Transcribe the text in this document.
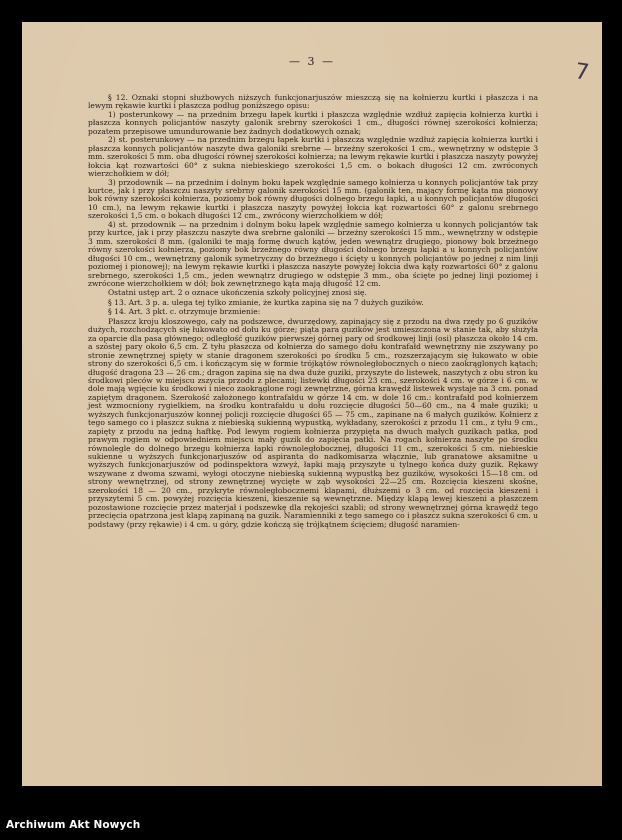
— 3 —	7

§ 12. Oznaki stopni służbowych niższych funkcjonarjuszów mieszczą się na kołnierzu kurtki i płaszcza i na lewym rękawie kurtki i płaszcza podług poniższego opisu:

1) posterunkowy — na przednim brzegu łapek kurtki i płaszcza względnie wzdłuż zapięcia kołnierza kurtki i płaszcza konnych policjantów naszyty galonik srebrny szerokości 1 cm., długości równej szerokości kołnierza; pozatem przepisowe umundurowanie bez żadnych dodatkowych oznak;

2) st. posterunkowy — na przednim brzegu łapek kurtki i płaszcza względnie wzdłuż zapięcia kołnierza kurtki i płaszcza konnych policjantów naszyte dwa galoniki srebrne — brzeżny szerokości 1 cm., wewnętrzny w odstępie 3 mm. szerokości 5 mm. oba długości równej szerokości kołnierza; na lewym rękawie kurtki i płaszcza naszyty powyżej łokcia kąt rozwartości 60° z sukna niebieskiego szerokości 1,5 cm. o bokach długości 12 cm. zwróconych wierzchołkiem w dół;

3) przodownik — na przednim i dolnym boku łapek względnie samego kołnierza u konnych policjantów tak przy kurtce, jak i przy płaszczu naszyty srebrny galonik szerokości 15 mm. (galonik ten, mający formę kąta ma pionowy bok równy szerokości kołnierza, poziomy bok równy długości dolnego brzegu łapki, a u konnych policjantów długości 10 cm.), na lewym rękawie kurtki i płaszcza naszyty powyżej łokcia kąt rozwartości 60° z galonu srebrnego szerokości 1,5 cm. o bokach długości 12 cm., zwrócony wierzchołkiem w dół;

4) st. przodownik — na przednim i dolnym boku łapek względnie samego kołnierza u konnych policjantów tak przy kurtce, jak i przy płaszczu naszyte dwa srebrne galoniki — brzeżny szerokości 15 mm., wewnętrzny w odstępie 3 mm. szerokości 8 mm. (galoniki te mają formę dwuch kątów, jeden wewnątrz drugiego, pionowy bok brzeżnego równy szerokości kołnierza, poziomy bok brzeżnego równy długości dolnego brzegu łapki a u konnych policjantów długości 10 cm., wewnętrzny galonik symetryczny do brzeżnego i ścięty u konnych policjantów po jednej z nim linji poziomej i pionowej); na lewym rękawie kurtki i płaszcza naszyte powyżej łokcia dwa kąty rozwartości 60° z galonu srebrnego, szerokości 1,5 cm., jeden wewnątrz drugiego w odstępie 3 mm., oba ścięte po jednej linji poziomej i zwrócone wierzchołkiem w dół; bok zewnętrznego kąta mają długość 12 cm.

Ostatni ustęp art. 2 o oznace ukończenia szkoły policyjnej znosi się.

§ 13. Art. 3 p. a. ulega tej tylko zmianie, że kurtka zapina się na 7 dużych guzików.

§ 14. Art. 3 pkt. c. otrzymuje brzmienie:

Płaszcz kroju kloszowego, cały na podszewce, dwurzędowy, zapinający się z przodu na dwa rzędy po 6 guzików dużych, rozchodzących się łukowato od dołu ku górze; piąta para guzików jest umieszczona w stanie tak, aby służyła za oparcie dla pasa głównego; odległość guzików pierwszej górnej pary od środkowej linji (osi) płaszcza około 14 cm. a szóstej pary około 6,5 cm. Z tyłu płaszcza od kołnierza do samego dołu kontrafałd wewnętrzny nie zszywany po stronie zewnętrznej spięty w stanie dragonem szerokości po środku 5 cm., rozszerzającym się łukowato w obie strony do szerokości 6,5 cm. i kończącym się w formie trójkątów równoległobocznych o nieco zaokrąglonych kątach; długość dragona 23 — 26 cm.; dragon zapina się na dwa duże guziki, przyszyte do listewek, naszytych z obu stron ku środkowi pleców w miejscu zszycia przodu z plecami; listewki długości 23 cm., szerokości 4 cm. w górze i 6 cm. w dole mają wgięcie ku środkowi i nieco zaokrąglone rogi zewnętrzne, górna krawędź listewek wystaje na 3 cm. ponad zapiętym dragonem. Szerokość założonego kontrafałdu w górze 14 cm. w dole 16 cm.: kontrafałd pod kołnierzem jest wzmocniony rygielkiem, na środku kontrafałdu u dołu rozcięcie długości 50—60 cm., na 4 małe guziki; u wyższych funkcjonarjuszów konnej policji rozcięcie długości 65 — 75 cm., zapinane na 6 małych guzików. Kołnierz z tego samego co i płaszcz sukna z niebieską sukienną wypustką, wykładany, szerokości z przodu 11 cm., z tyłu 9 cm., zapięty z przodu na jedną haftkę. Pod lewym rogiem kołnierza przypięta na dwuch małych guzikach patka, pod prawym rogiem w odpowiedniem miejscu mały guzik do zapięcia patki. Na rogach kołnierza naszyte po środku równolegle do dolnego brzegu kołnierza łapki równoległobocznej, długości 11 cm., szerokości 5 cm. niebieskie sukienne u wyższych funkcjonarjuszów od aspiranta do nadkomisarza włącznie, lub granatowe aksamitne u wyższych funkcjonarjuszów od podinspektora wzwyż, łapki mają przyszyte u tylnego końca duży guzik. Rękawy wszywane z dwoma szwami, wyłogi otoczyne niebieską sukienną wypustką bez guzików, wysokości 15—18 cm. od strony wewnętrznej, od strony zewnętrznej wycięte w ząb wysokości 22—25 cm. Rozcięcia kieszeni skośne, szerokości 18 — 20 cm., przykryte równoległobocznemi klapami, dłuższemi o 3 cm. od rozcięcia kieszeni i przyszytemi 5 cm. powyżej rozcięcia kieszeni, kieszenie są wewnętrzne. Między klapą lewej kieszeni a płaszczem pozostawione rozcięcie przez materjał i podszewkę dla rękojeści szabli; od strony wewnętrznej górna krawędź tego przecięcia opatrzona jest klapą zapinaną na guzik. Naramienniki z tego samego co i płaszcz sukna szerokości 6 cm. u podstawy (przy rękawie) i 4 cm. u góry, gdzie kończą się trójkątnem ścięciem; długość naramien-

Archiwum Akt Nowych
